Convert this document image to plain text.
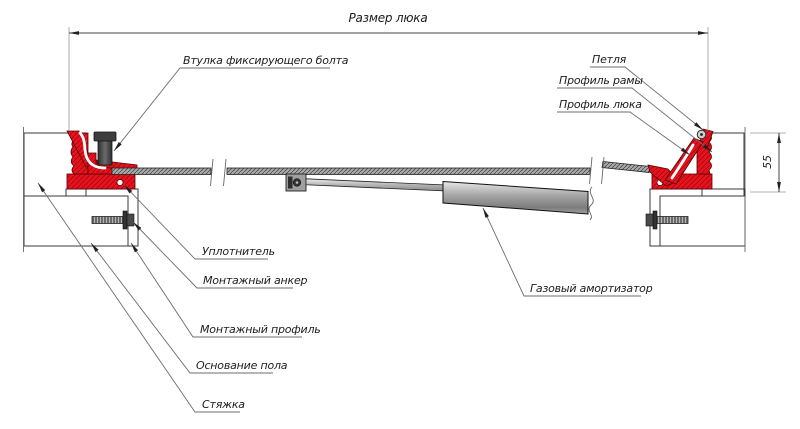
Размер люка
55
Втулка фиксирующего болта	Петля
Профиль рамы
Профиль люка
Уплотнитель
Монтажный анкер
Монтажный профиль
Основание пола
Стяжка
Газовый амортизатор
